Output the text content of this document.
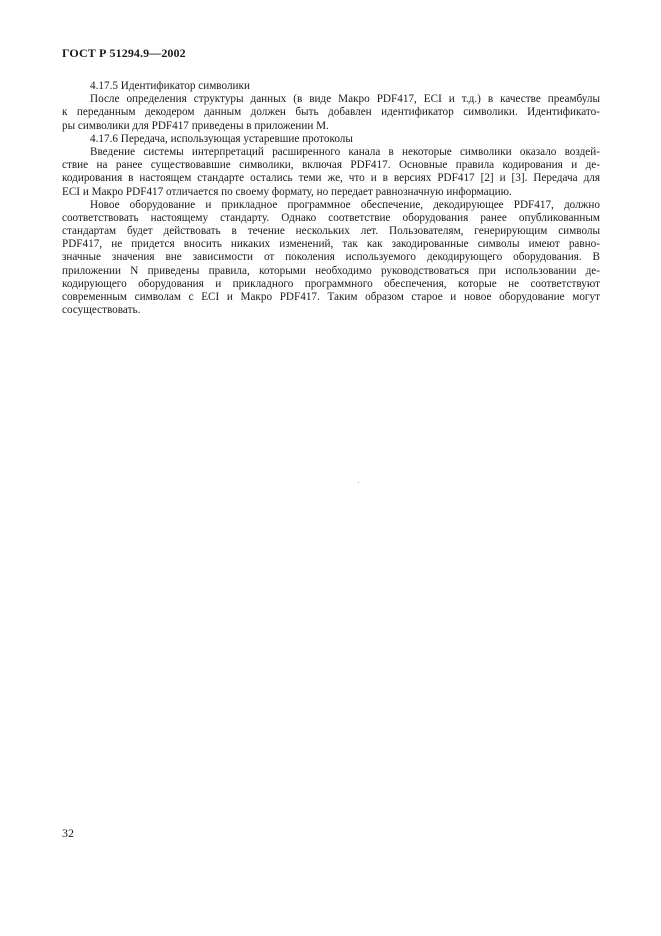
ГОСТ Р 51294.9—2002
4.17.5 Идентификатор символики
После определения структуры данных (в виде Макро PDF417, ECI и т.д.) в качестве преамбулы
к переданным декодером данным должен быть добавлен идентификатор символики. Идентификато-
ры символики для PDF417 приведены в приложении М.
4.17.6 Передача, использующая устаревшие протоколы
Введение системы интерпретаций расширенного канала в некоторые символики оказало воздей-
ствие на ранее существовавшие символики, включая PDF417. Основные правила кодирования и де-
кодирования в настоящем стандарте остались теми же, что и в версиях PDF417 [2] и [3]. Передача для
ECI и Макро PDF417 отличается по своему формату, но передает равнозначную информацию.
Новое оборудование и прикладное программное обеспечение, декодирующее PDF417, должно
соответствовать настоящему стандарту. Однако соответствие оборудования ранее опубликованным
стандартам будет действовать в течение нескольких лет. Пользователям, генерирующим символы
PDF417, не придется вносить никаких изменений, так как закодированные символы имеют равно-
значные значения вне зависимости от поколения используемого декодирующего оборудования. В
приложении N приведены правила, которыми необходимо руководствоваться при использовании де-
кодирующего оборудования и прикладного программного обеспечения, которые не соответствуют
современным символам с ECI и Макро PDF417. Таким образом старое и новое оборудование могут
сосуществовать.
32
